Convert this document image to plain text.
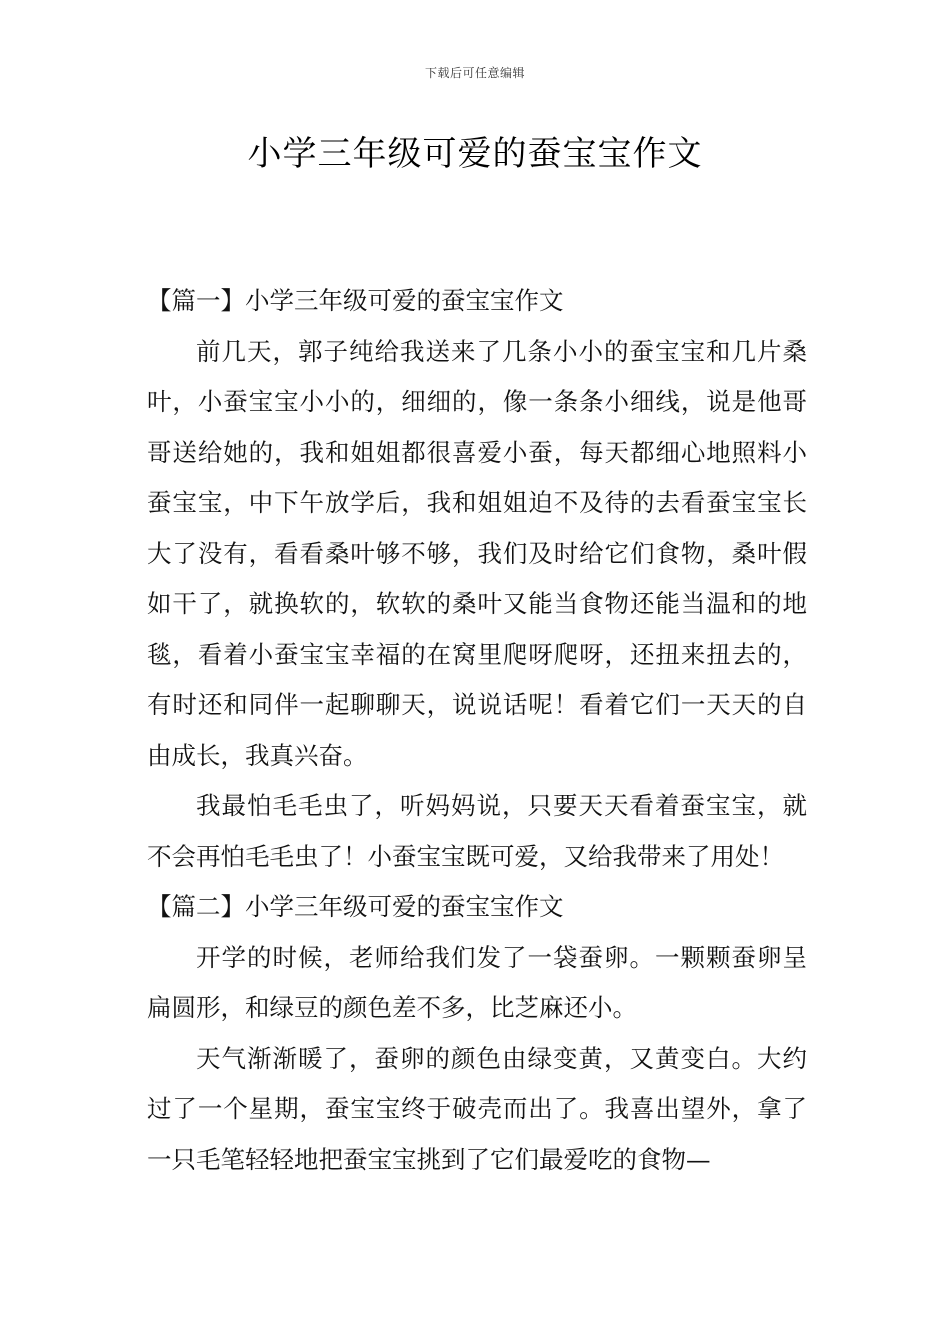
下载后可任意编辑
小学三年级可爱的蚕宝宝作文
【篇一】小学三年级可爱的蚕宝宝作文

前几天，郭子纯给我送来了几条小小的蚕宝宝和几片桑叶，小蚕宝宝小小的，细细的，像一条条小细线，说是他哥哥送给她的，我和姐姐都很喜爱小蚕，每天都细心地照料小蚕宝宝，中下午放学后，我和姐姐迫不及待的去看蚕宝宝长大了没有，看看桑叶够不够，我们及时给它们食物，桑叶假如干了，就换软的，软软的桑叶又能当食物还能当温和的地毯，看着小蚕宝宝幸福的在窝里爬呀爬呀，还扭来扭去的，有时还和同伴一起聊聊天，说说话呢！看着它们一天天的自由成长，我真兴奋。

我最怕毛毛虫了，听妈妈说，只要天天看着蚕宝宝，就不会再怕毛毛虫了！小蚕宝宝既可爱，又给我带来了用处！

【篇二】小学三年级可爱的蚕宝宝作文

开学的时候，老师给我们发了一袋蚕卵。一颗颗蚕卵呈扁圆形，和绿豆的颜色差不多，比芝麻还小。

天气渐渐暖了，蚕卵的颜色由绿变黄，又黄变白。大约过了一个星期，蚕宝宝终于破壳而出了。我喜出望外，拿了一只毛笔轻轻地把蚕宝宝挑到了它们最爱吃的食物—
